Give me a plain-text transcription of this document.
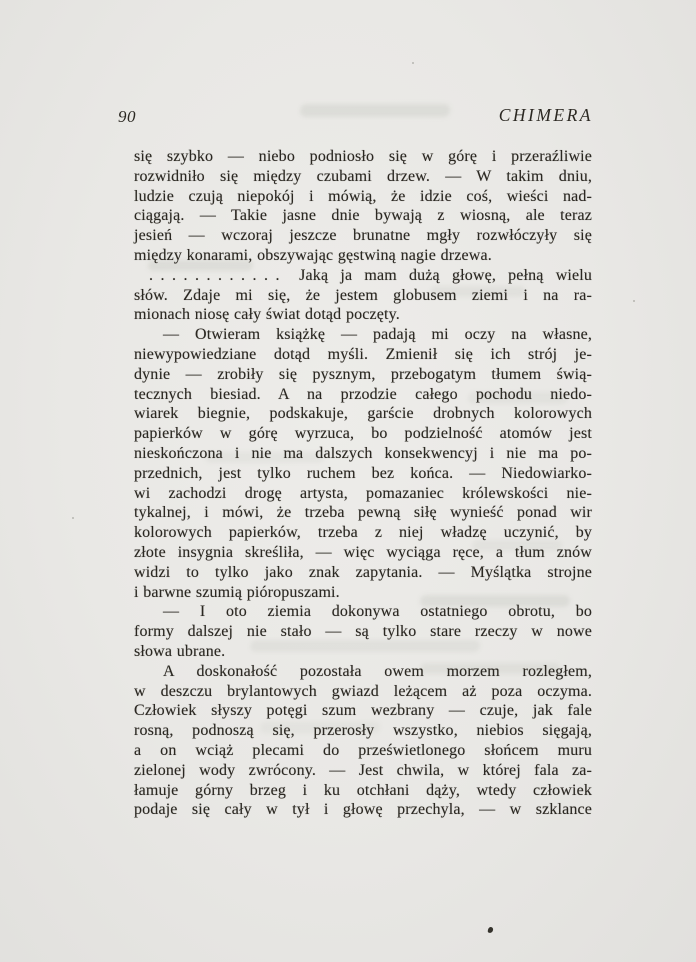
90	CHIMERA
się szybko — niebo podniosło się w górę i przeraźliwie
rozwidniło się między czubami drzew. — W takim dniu,
ludzie czują niepokój i mówią, że idzie coś, wieści nad-
ciągają. — Takie jasne dnie bywają z wiosną, ale teraz
jesień — wczoraj jeszcze brunatne mgły rozwłóczyły się
między konarami, obszywając gęstwiną nagie drzewa.
............ Jaką ja mam dużą głowę, pełną wielu
słów. Zdaje mi się, że jestem globusem ziemi i na ra-
mionach niosę cały świat dotąd poczęty.
— Otwieram książkę — padają mi oczy na własne,
niewypowiedziane dotąd myśli. Zmienił się ich strój je-
dynie — zrobiły się pysznym, przebogatym tłumem świą-
tecznych biesiad. A na przodzie całego pochodu niedo-
wiarek biegnie, podskakuje, garście drobnych kolorowych
papierków w górę wyrzuca, bo podzielność atomów jest
nieskończona i nie ma dalszych konsekwencyj i nie ma po-
przednich, jest tylko ruchem bez końca. — Niedowiarko-
wi zachodzi drogę artysta, pomazaniec królewskości nie-
tykalnej, i mówi, że trzeba pewną siłę wynieść ponad wir
kolorowych papierków, trzeba z niej władzę uczynić, by
złote insygnia skreśliła, — więc wyciąga ręce, a tłum znów
widzi to tylko jako znak zapytania. — Myślątka strojne
i barwne szumią pióropuszami.
— I oto ziemia dokonywa ostatniego obrotu, bo
formy dalszej nie stało — są tylko stare rzeczy w nowe
słowa ubrane.
A doskonałość pozostała owem morzem rozległem,
w deszczu brylantowych gwiazd leżącem aż poza oczyma.
Człowiek słyszy potęgi szum wezbrany — czuje, jak fale
rosną, podnoszą się, przerosły wszystko, niebios sięgają,
a on wciąż plecami do prześwietlonego słońcem muru
zielonej wody zwrócony. — Jest chwila, w której fala za-
łamuje górny brzeg i ku otchłani dąży, wtedy człowiek
podaje się cały w tył i głowę przechyla, — w szklance
